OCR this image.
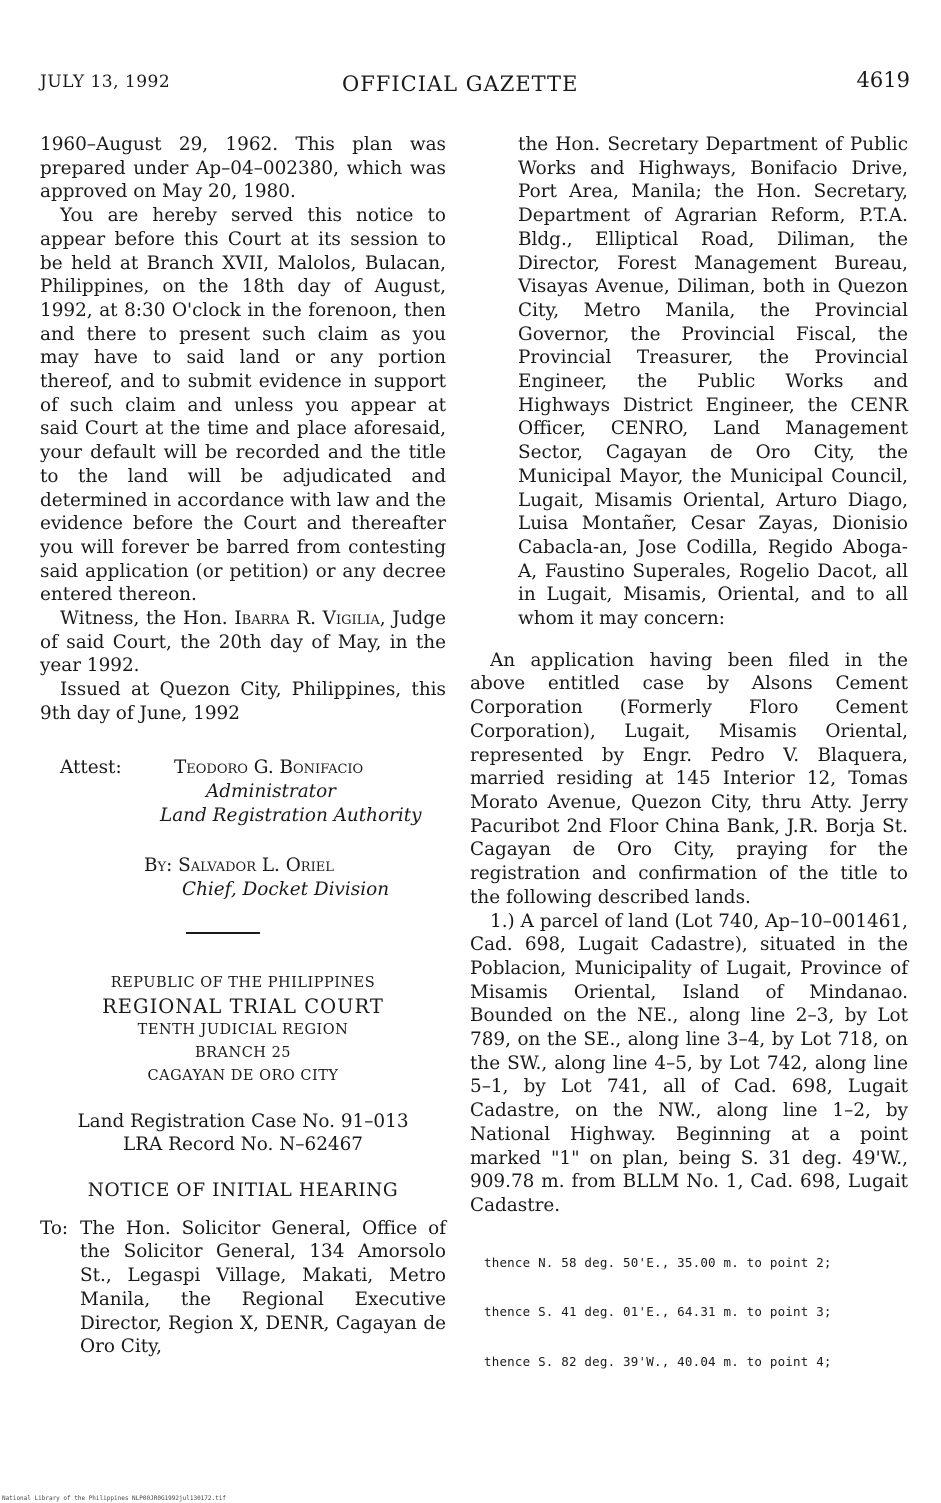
JULY 13, 1992	OFFICIAL GAZETTE	4619

1960–August 29, 1962. This plan was prepared under Ap–04–002380, which was approved on May 20, 1980.

You are hereby served this notice to appear before this Court at its session to be held at Branch XVII, Malolos, Bulacan, Philippines, on the 18th day of August, 1992, at 8:30 O'clock in the forenoon, then and there to present such claim as you may have to said land or any portion thereof, and to submit evidence in support of such claim and unless you appear at said Court at the time and place aforesaid, your default will be recorded and the title to the land will be adjudicated and determined in accordance with law and the evidence before the Court and thereafter you will forever be barred from contesting said application (or petition) or any decree entered thereon.

Witness, the Hon. Ibarra R. Vigilia, Judge of said Court, the 20th day of May, in the year 1992.

Issued at Quezon City, Philippines, this 9th day of June, 1992

Attest:	Teodoro G. Bonifacio
Administrator
Land Registration Authority
By: Salvador L. Oriel
Chief, Docket Division
REPUBLIC OF THE PHILIPPINES
REGIONAL TRIAL COURT
TENTH JUDICIAL REGION
BRANCH 25
CAGAYAN DE ORO CITY
Land Registration Case No. 91–013
LRA Record No. N–62467
NOTICE OF INITIAL HEARING
To: The Hon. Solicitor General, Office of the Solicitor General, 134 Amorsolo St., Legaspi Village, Makati, Metro Manila, the Regional Executive Director, Region X, DENR, Cagayan de Oro City,
the Hon. Secretary Department of Public Works and Highways, Bonifacio Drive, Port Area, Manila; the Hon. Secretary, Department of Agrarian Reform, P.T.A. Bldg., Elliptical Road, Diliman, the Director, Forest Management Bureau, Visayas Avenue, Diliman, both in Quezon City, Metro Manila, the Provincial Governor, the Provincial Fiscal, the Provincial Treasurer, the Provincial Engineer, the Public Works and Highways District Engineer, the CENR Officer, CENRO, Land Management Sector, Cagayan de Oro City, the Municipal Mayor, the Municipal Council, Lugait, Misamis Oriental, Arturo Diago, Luisa Montañer, Cesar Zayas, Dionisio Cabacla-an, Jose Codilla, Regido Aboga-A, Faustino Superales, Rogelio Dacot, all in Lugait, Misamis, Oriental, and to all whom it may concern:

An application having been filed in the above entitled case by Alsons Cement Corporation (Formerly Floro Cement Corporation), Lugait, Misamis Oriental, represented by Engr. Pedro V. Blaquera, married residing at 145 Interior 12, Tomas Morato Avenue, Quezon City, thru Atty. Jerry Pacuribot 2nd Floor China Bank, J.R. Borja St. Cagayan de Oro City, praying for the registration and confirmation of the title to the following described lands.

1.) A parcel of land (Lot 740, Ap–10–001461, Cad. 698, Lugait Cadastre), situated in the Poblacion, Municipality of Lugait, Province of Misamis Oriental, Island of Mindanao. Bounded on the NE., along line 2–3, by Lot 789, on the SE., along line 3–4, by Lot 718, on the SW., along line 4–5, by Lot 742, along line 5–1, by Lot 741, all of Cad. 698, Lugait Cadastre, on the NW., along line 1–2, by National Highway. Beginning at a point marked "1" on plan, being S. 31 deg. 49'W., 909.78 m. from BLLM No. 1, Cad. 698, Lugait Cadastre.

thence N. 58 deg. 50'E., 35.00 m. to point 2;

thence S. 41 deg. 01'E., 64.31 m. to point 3;

thence S. 82 deg. 39'W., 40.04 m. to point 4;

National Library of the Philippines NLP00JR0G1992jul130172.tif
